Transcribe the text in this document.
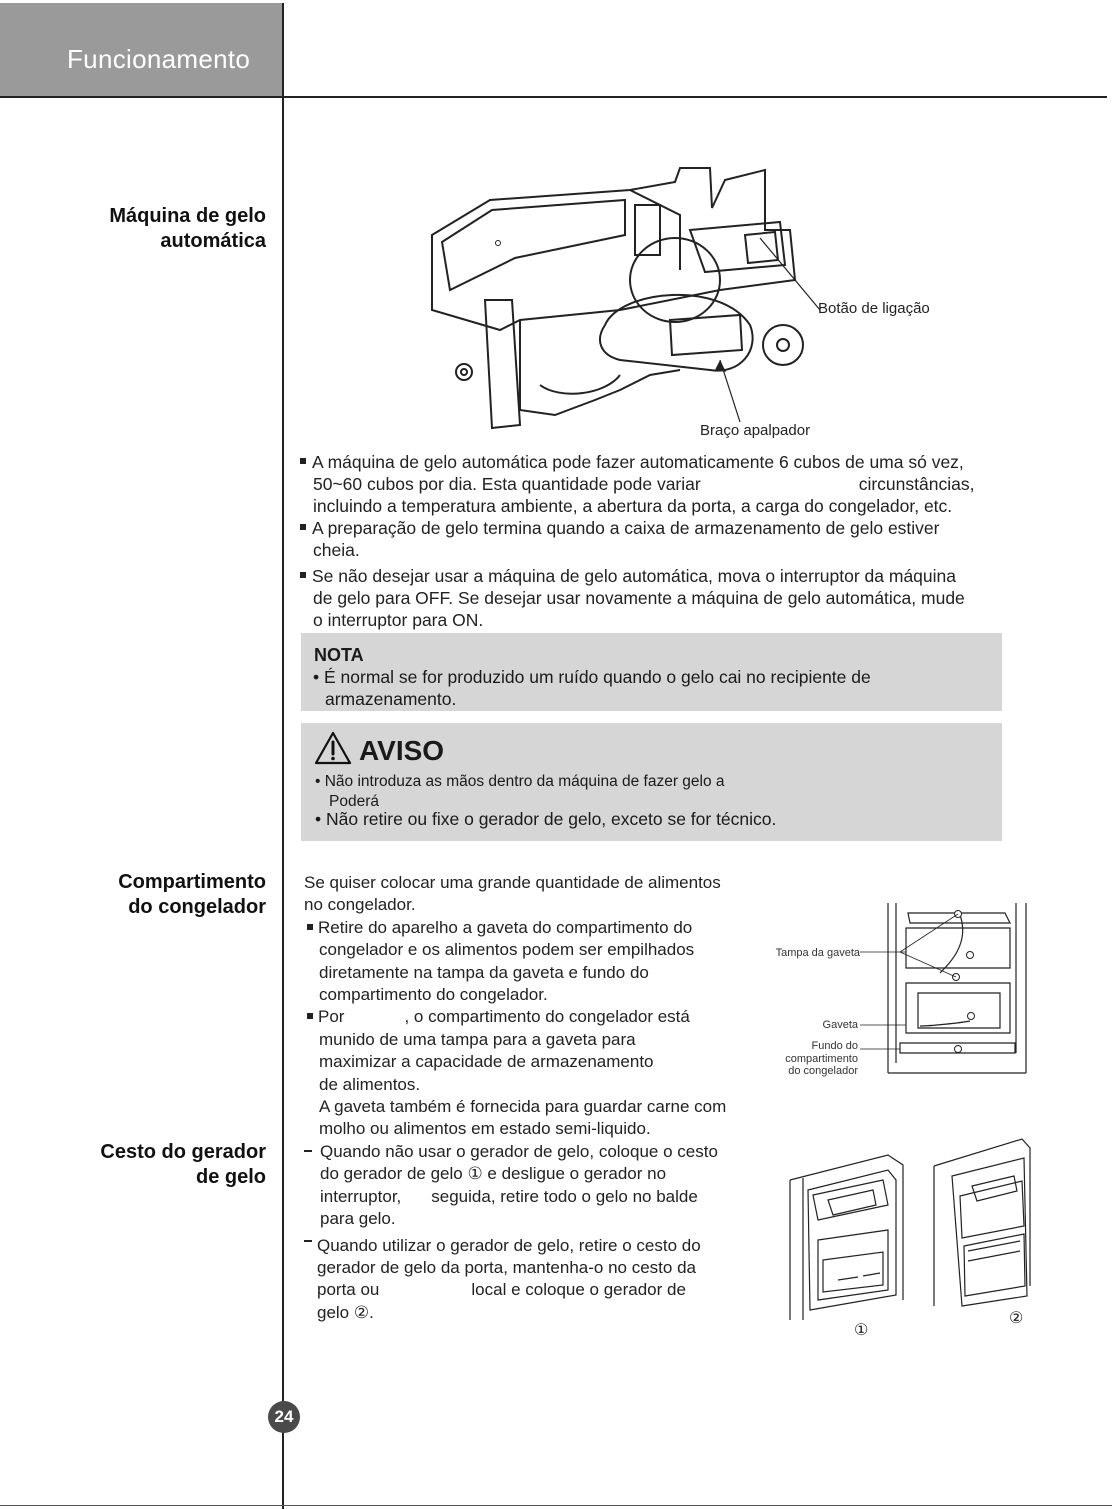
Funcionamento
Máquina de gelo
automática
Botão de ligação
Braço apalpador
A máquina de gelo automática pode fazer automaticamente 6 cubos de uma só vez,
50~60 cubos por dia. Esta quantidade pode variar	circunstâncias,
incluindo a temperatura ambiente, a abertura da porta, a carga do congelador, etc.
A preparação de gelo termina quando a caixa de armazenamento de gelo estiver
cheia.
Se não desejar usar a máquina de gelo automática, mova o interruptor da máquina
de gelo para OFF. Se desejar usar novamente a máquina de gelo automática, mude
o interruptor para ON.
NOTA
• É normal se for produzido um ruído quando o gelo cai no recipiente de
armazenamento.
AVISO
• Não introduza as mãos dentro da máquina de fazer gelo a
Poderá
• Não retire ou fixe o gerador de gelo, exceto se for técnico.
Compartimento
do congelador
Se quiser colocar uma grande quantidade de alimentos
no congelador.
Retire do aparelho a gaveta do compartimento do
congelador e os alimentos podem ser empilhados
diretamente na tampa da gaveta e fundo do
compartimento do congelador.
Por	, o compartimento do congelador está
munido de uma tampa para a gaveta para
maximizar a capacidade de armazenamento
de alimentos.
A gaveta também é fornecida para guardar carne com
molho ou alimentos em estado semi-liquido.
Tampa da gaveta
Gaveta
Fundo do
compartimento
do congelador
Cesto do gerador
de gelo
Quando não usar o gerador de gelo, coloque o cesto
do gerador de gelo ① e desligue o gerador no
interruptor, seguida, retire todo o gelo no balde
para gelo.
Quando utilizar o gerador de gelo, retire o cesto do
gerador de gelo da porta, mantenha-o no cesto da
porta ou	local e coloque o gerador de
gelo ②.
①
②
24
